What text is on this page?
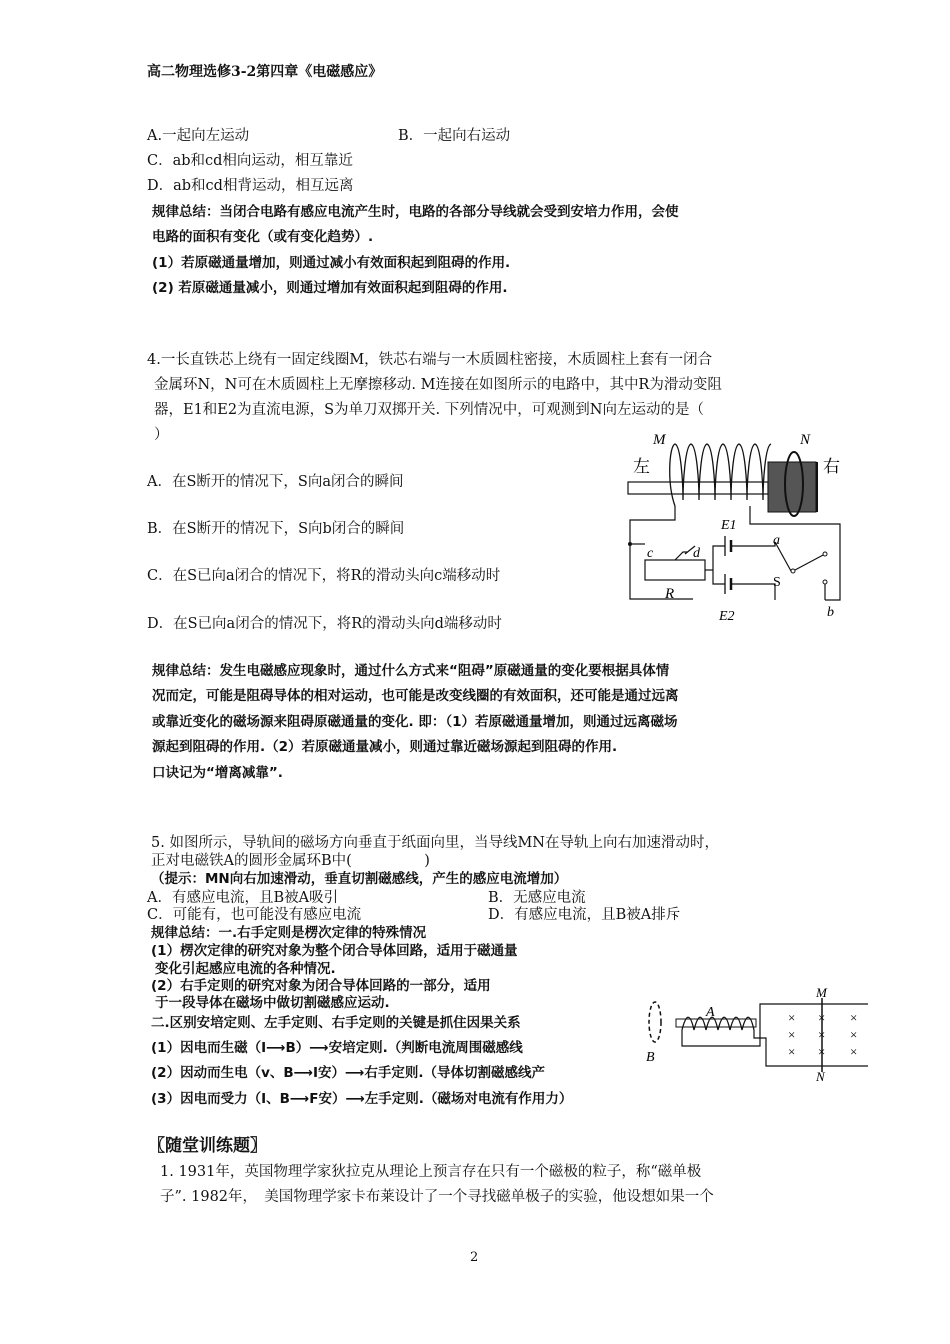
高二物理选修3-2第四章《电磁感应》
A.一起向左运动	B．一起向右运动
C．ab和cd相向运动，相互靠近
D．ab和cd相背运动，相互远离
规律总结：当闭合电路有感应电流产生时，电路的各部分导线就会受到安培力作用，会使
电路的面积有变化（或有变化趋势）.
(1）若原磁通量增加，则通过减小有效面积起到阻碍的作用.
(2) 若原磁通量减小，则通过增加有效面积起到阻碍的作用.
4.一长直铁芯上绕有一固定线圈M，铁芯右端与一木质圆柱密接，木质圆柱上套有一闭合
金属环N，N可在木质圆柱上无摩擦移动. M连接在如图所示的电路中，其中R为滑动变阻
器，E1和E2为直流电源，S为单刀双掷开关. 下列情况中，可观测到N向左运动的是（
）
A．在S断开的情况下，S向a闭合的瞬间
B．在S断开的情况下，S向b闭合的瞬间
C．在S已向a闭合的情况下，将R的滑动头向c端移动时
D．在S已向a闭合的情况下，将R的滑动头向d端移动时
M	N
左	右
c	d
R
E1
E2
a
S
b
规律总结：发生电磁感应现象时，通过什么方式来“阻碍”原磁通量的变化要根据具体情
况而定，可能是阻碍导体的相对运动，也可能是改变线圈的有效面积，还可能是通过远离
或靠近变化的磁场源来阻碍原磁通量的变化. 即：（1）若原磁通量增加，则通过远离磁场
源起到阻碍的作用.（2）若原磁通量减小，则通过靠近磁场源起到阻碍的作用.
口诀记为“增离减靠”.
5. 如图所示，导轨间的磁场方向垂直于纸面向里，当导线MN在导轨上向右加速滑动时，
正对电磁铁A的圆形金属环B中(　　　　　)
（提示：MN向右加速滑动，垂直切割磁感线，产生的感应电流增加）
A．有感应电流，且B被A吸引	B．无感应电流
C．可能有，也可能没有感应电流	D．有感应电流，且B被A排斥
规律总结：一.右手定则是楞次定律的特殊情况
(1）楞次定律的研究对象为整个闭合导体回路，适用于磁通量
变化引起感应电流的各种情况.
(2）右手定则的研究对象为闭合导体回路的一部分，适用
于一段导体在磁场中做切割磁感应运动.
二.区别安培定则、左手定则、右手定则的关键是抓住因果关系
(1）因电而生磁（I⟶B）⟶安培定则.（判断电流周围磁感线
(2）因动而生电（v、B⟶I安）⟶右手定则.（导体切割磁感线产
(3）因电而受力（I、B⟶F安）⟶左手定则.（磁场对电流有作用力）
B
A
M
N
×
×
×
×
×
×
×
×
×
〖随堂训练题〗
1. 1931年，英国物理学家狄拉克从理论上预言存在只有一个磁极的粒子，称“磁单极
子”. 1982年，　美国物理学家卡布莱设计了一个寻找磁单极子的实验，他设想如果一个
2
